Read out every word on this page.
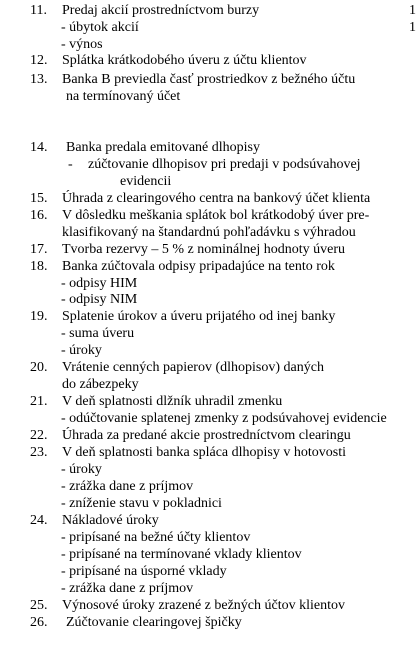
11.	Predaj akcií prostredníctvom burzy	1
- úbytok akcií	1
- výnos
12.	Splátka krátkodobého úveru z účtu klientov
13.	Banka B previedla časť prostriedkov z bežného účtu
na termínovaný účet
14.	Banka predala emitované dlhopisy
- zúčtovanie dlhopisov pri predaji v podsúvahovej
evidencii
15.	Úhrada z clearingového centra na bankový účet klienta
16.	V dôsledku meškania splátok bol krátkodobý úver pre-
klasifikovaný na štandardnú pohľadávku s výhradou
17.	Tvorba rezervy – 5 % z nominálnej hodnoty úveru
18.	Banka zúčtovala odpisy pripadajúce na tento rok
- odpisy HIM
- odpisy NIM
19.	Splatenie úrokov a úveru prijatého od inej banky
- suma úveru
- úroky
20.	Vrátenie cenných papierov (dlhopisov) daných
do zábezpeky
21.	V deň splatnosti dlžník uhradil zmenku
- odúčtovanie splatenej zmenky z podsúvahovej evidencie
22.	Úhrada za predané akcie prostredníctvom clearingu
23.	V deň splatnosti banka spláca dlhopisy v hotovosti
- úroky
- zrážka dane z príjmov
- zníženie stavu v pokladnici
24.	Nákladové úroky
- pripísané na bežné účty klientov
- pripísané na termínované vklady klientov
- pripísané na úsporné vklady
- zrážka dane z príjmov
25.	Výnosové úroky zrazené z bežných účtov klientov
26.	Zúčtovanie clearingovej špičky
